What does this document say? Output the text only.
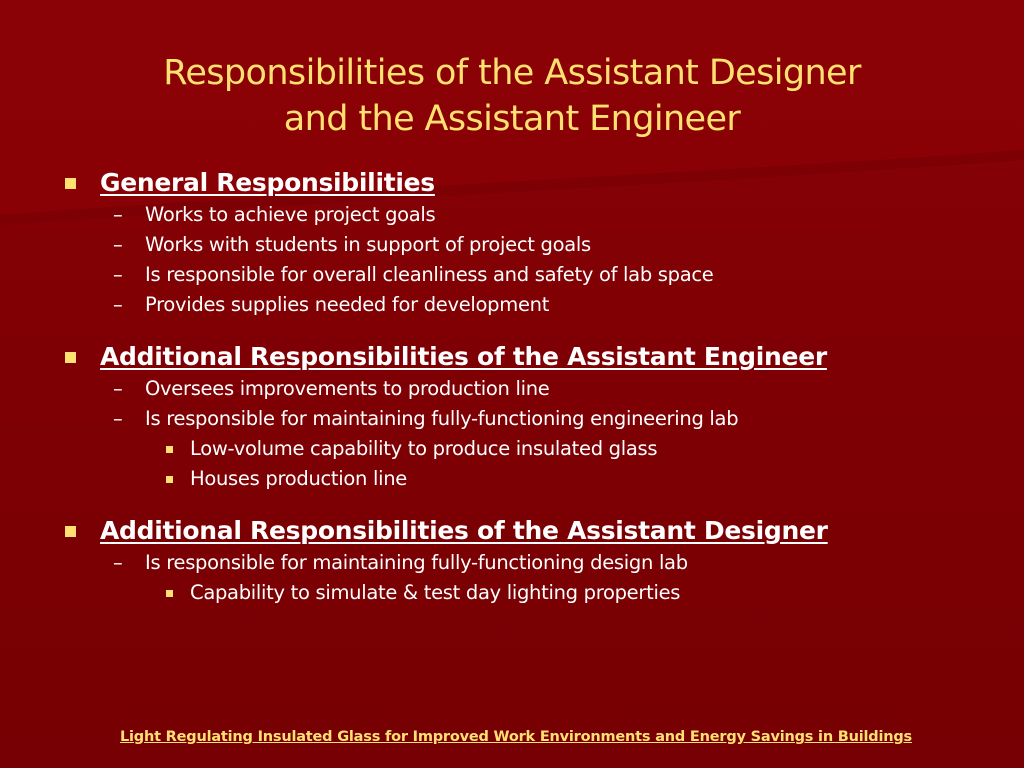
Responsibilities of the Assistant Designer
and the Assistant Engineer
General Responsibilities
– Works to achieve project goals
– Works with students in support of project goals
– Is responsible for overall cleanliness and safety of lab space
– Provides supplies needed for development
Additional Responsibilities of the Assistant Engineer
– Oversees improvements to production line
– Is responsible for maintaining fully-functioning engineering lab
Low-volume capability to produce insulated glass
Houses production line
Additional Responsibilities of the Assistant Designer
– Is responsible for maintaining fully-functioning design lab
Capability to simulate & test day lighting properties
Light Regulating Insulated Glass for Improved Work Environments and Energy Savings in Buildings
